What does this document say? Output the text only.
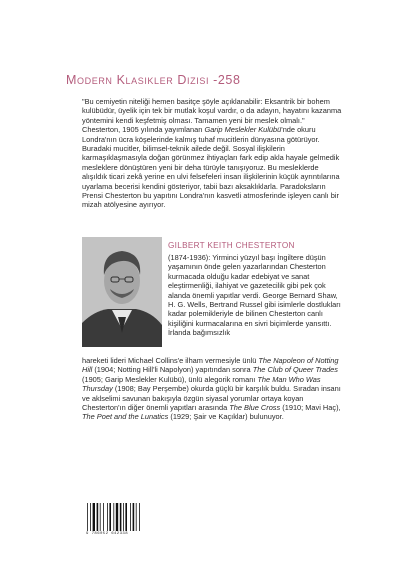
Modern Klasikler Dizisi -258

"Bu cemiyetin niteliği hemen basitçe şöyle açıklanabilir: Eksantrik bir bohem kulübüdür, üyelik için tek bir mutlak koşul vardır, o da adayın, hayatını kazanma yöntemini kendi keşfetmiş olması. Tamamen yeni bir meslek olmalı." Chesterton, 1905 yılında yayımlanan Garip Meslekler Kulübü'nde okuru Londra'nın ücra köşelerinde kalmış tuhaf mucitlerin dünyasına götürüyor. Buradaki mucitler, bilimsel-teknik ailede değil. Sosyal ilişkilerin karmaşıklaşmasıyla doğan görünmez ihtiyaçları fark edip akla hayale gelmedik mesleklere dönüştüren yeni bir deha türüyle tanışıyoruz. Bu mesleklerde alışıldık ticari zekâ yerine en ulvi felsefeleri insan ilişkilerinin küçük ayrıntılarına uyarlama becerisi kendini gösteriyor, tabii bazı aksaklıklarla. Paradoksların Prensi Chesterton bu yapıtını Londra'nın kasvetli atmosferinde işleyen canlı bir mizah atölyesine ayırıyor.

GILBERT KEITH CHESTERTON

(1874-1936): Yirminci yüzyıl başı İngiltere düşün yaşamının önde gelen yazarlarından Chesterton kurmacada olduğu kadar edebiyat ve sanat eleştirmenliği, ilahiyat ve gazetecilik gibi pek çok alanda önemli yapıtlar verdi. George Bernard Shaw, H. G. Wells, Bertrand Russel gibi isimlerle dostlukları kadar polemikleriyle de bilinen Chesterton canlı kişiliğini kurmacalarına en sivri biçimlerde yansıttı. İrlanda bağımsızlık

hareketi lideri Michael Collins'e ilham vermesiyle ünlü The Napoleon of Notting Hill (1904; Notting Hill'li Napolyon) yapıtından sonra The Club of Queer Trades (1905; Garip Meslekler Kulübü), ünlü alegorik romanı The Man Who Was Thursday (1908; Bay Perşembe) okurda güçlü bir karşılık buldu. Sıradan insanı ve aklselimi savunan bakışıyla özgün siyasal yorumlar ortaya koyan Chesterton'ın diğer önemli yapıtları arasında The Blue Cross (1910; Mavi Haç), The Poet and the Lunatics (1929; Şair ve Kaçıklar) bulunuyor.

9 786052 642338
